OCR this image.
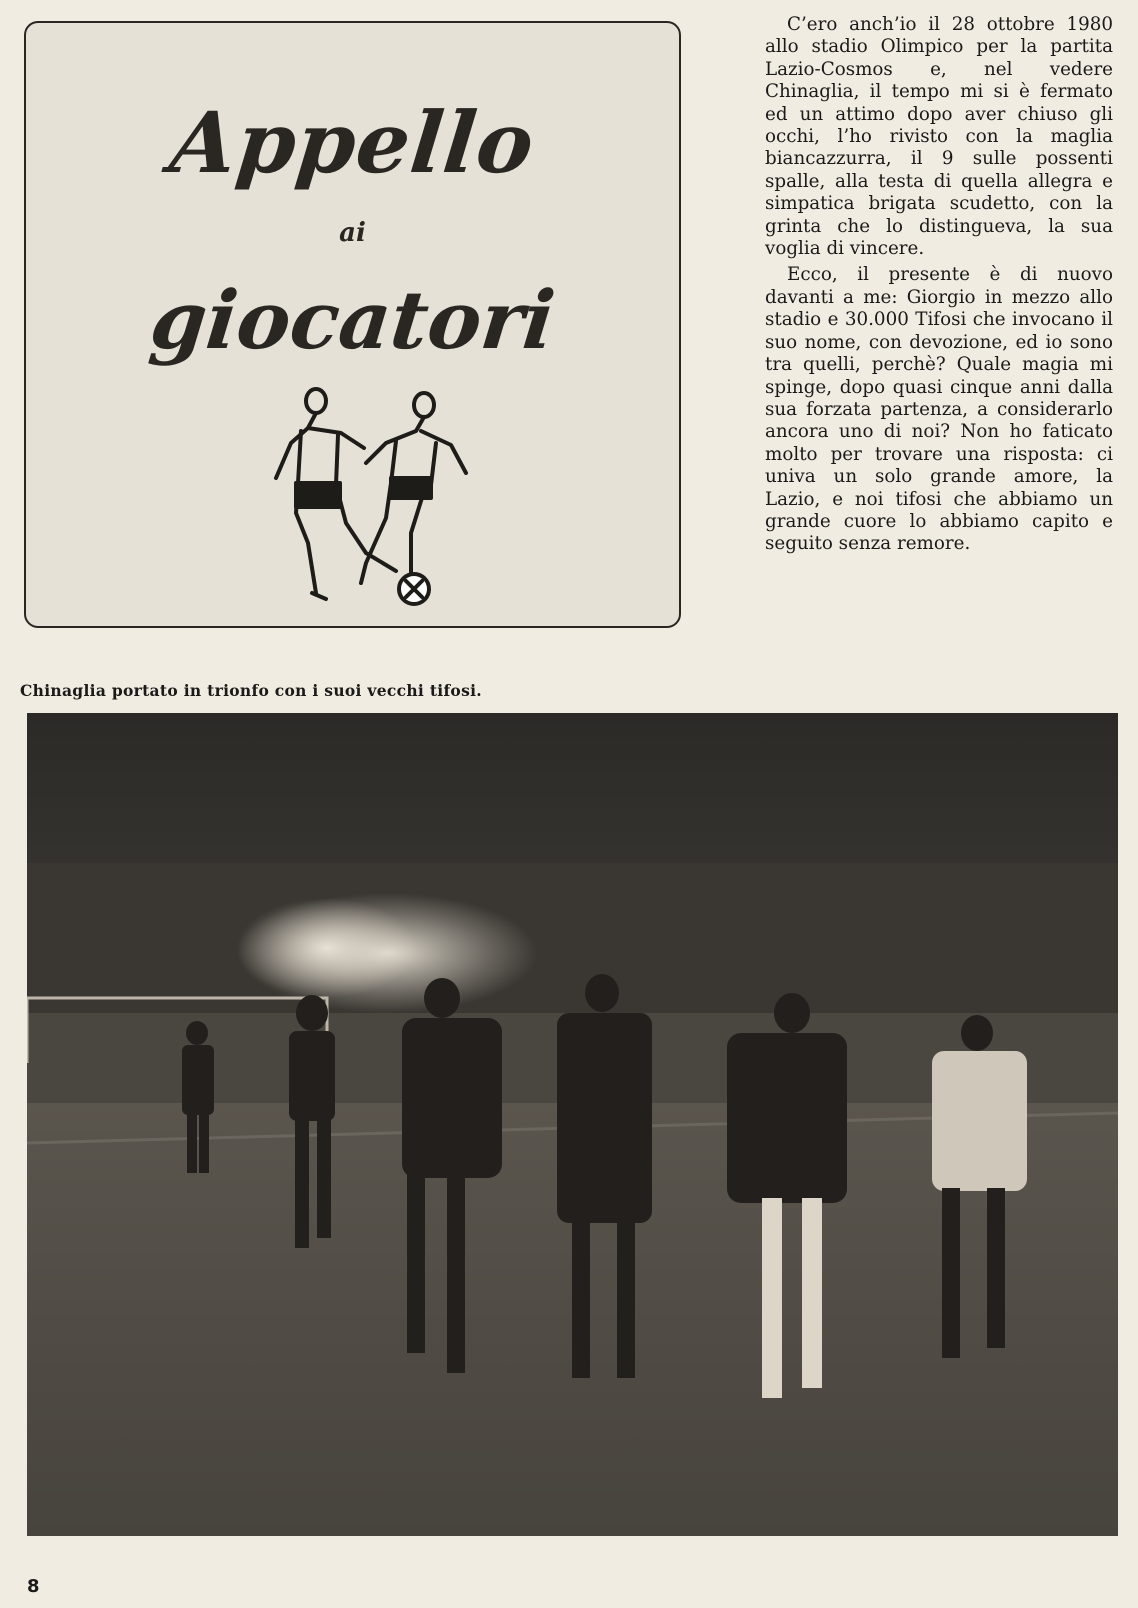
Appello
ai
giocatori

C’ero anch’io il 28 ottobre 1980 allo stadio Olimpico per la partita Lazio-Cosmos e, nel vedere Chinaglia, il tempo mi si è fermato ed un attimo dopo aver chiuso gli occhi, l’ho rivisto con la maglia biancazzurra, il 9 sulle possenti spalle, alla testa di quella allegra e simpatica brigata scudetto, con la grinta che lo distingueva, la sua voglia di vincere.

Ecco, il presente è di nuovo davanti a me: Giorgio in mezzo allo stadio e 30.000 Tifosi che invocano il suo nome, con devozione, ed io sono tra quelli, perchè? Quale magia mi spinge, dopo quasi cinque anni dalla sua forzata partenza, a considerarlo ancora uno di noi? Non ho faticato molto per trovare una risposta: ci univa un solo grande amore, la Lazio, e noi tifosi che abbiamo un grande cuore lo abbiamo capito e seguito senza remore.

Chinaglia portato in trionfo con i suoi vecchi tifosi.
8
